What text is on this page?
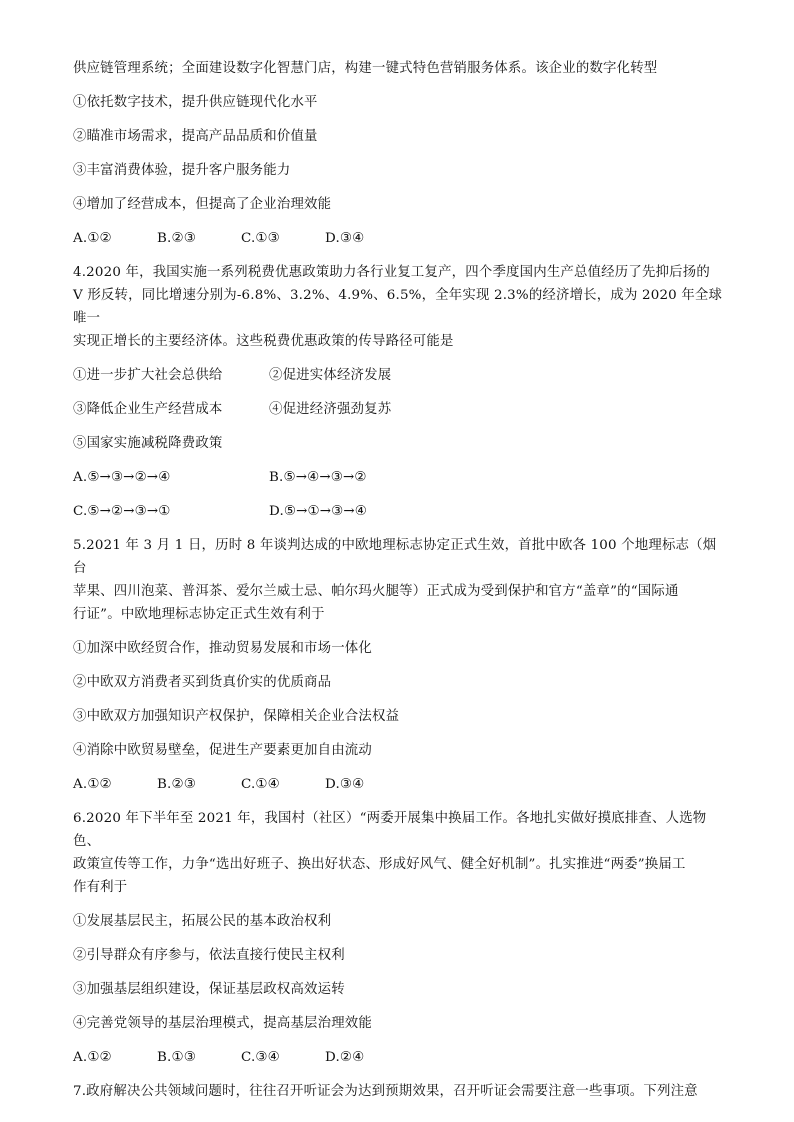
供应链管理系统；全面建设数字化智慧门店，构建一键式特色营销服务体系。该企业的数字化转型

①依托数字技术，提升供应链现代化水平

②瞄准市场需求，提高产品品质和价值量

③丰富消费体验，提升客户服务能力

④增加了经营成本，但提高了企业治理效能

A.①②	B.②③	C.①③	D.③④

4.2020 年，我国实施一系列税费优惠政策助力各行业复工复产，四个季度国内生产总值经历了先抑后扬的

V 形反转，同比增速分别为-6.8%、3.2%、4.9%、6.5%，全年实现 2.3%的经济增长，成为 2020 年全球唯一

实现正增长的主要经济体。这些税费优惠政策的传导路径可能是

①进一步扩大社会总供给	②促进实体经济发展
③降低企业生产经营成本	④促进经济强劲复苏

⑤国家实施减税降费政策

A.⑤→③→②→④	B.⑤→④→③→②
C.⑤→②→③→①	D.⑤→①→③→④

5.2021 年 3 月 1 日，历时 8 年谈判达成的中欧地理标志协定正式生效，首批中欧各 100 个地理标志（烟台

苹果、四川泡菜、普洱茶、爱尔兰威士忌、帕尔玛火腿等）正式成为受到保护和官方“盖章”的“国际通

行证”。中欧地理标志协定正式生效有利于

①加深中欧经贸合作，推动贸易发展和市场一体化

②中欧双方消费者买到货真价实的优质商品

③中欧双方加强知识产权保护，保障相关企业合法权益

④消除中欧贸易壁垒，促进生产要素更加自由流动

A.①②	B.②③	C.①④	D.③④

6.2020 年下半年至 2021 年，我国村（社区）“两委开展集中换届工作。各地扎实做好摸底排查、人选物色、

政策宣传等工作，力争“选出好班子、换出好状态、形成好风气、健全好机制”。扎实推进“两委”换届工

作有利于

①发展基层民主，拓展公民的基本政治权利

②引导群众有序参与，依法直接行使民主权利

③加强基层组织建设，保证基层政权高效运转

④完善党领导的基层治理模式，提高基层治理效能

A.①②	B.①③	C.③④	D.②④

7.政府解决公共领域问题时，往往召开听证会为达到预期效果，召开听证会需要注意一些事项。下列注意
